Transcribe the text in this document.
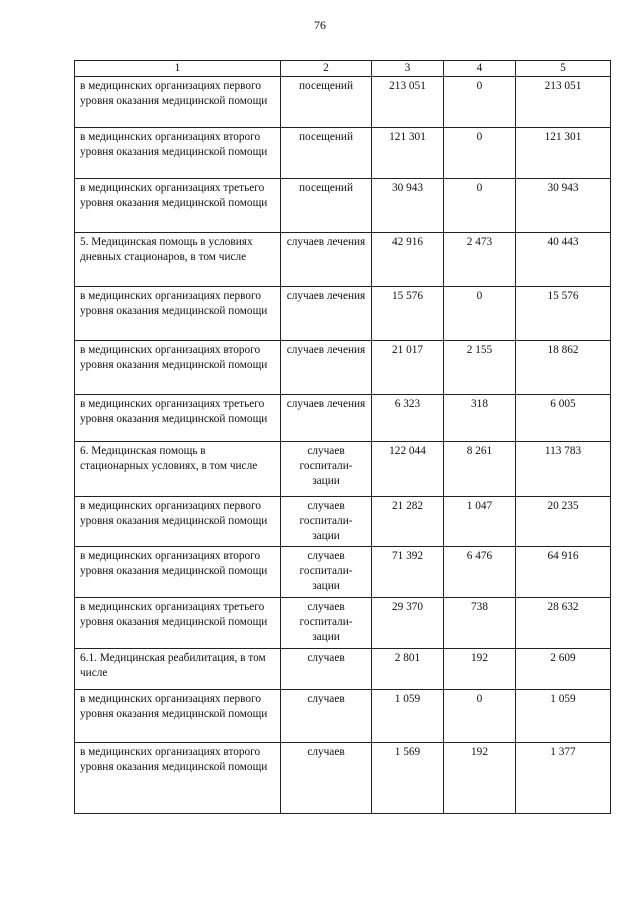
76
1	2	3	4	5
в медицинских организациях первого уровня оказания медицинской помощи	посещений	213 051	0	213 051
в медицинских организациях второго уровня оказания медицинской помощи	посещений	121 301	0	121 301
в медицинских организациях третьего уровня оказания медицинской помощи	посещений	30 943	0	30 943
5. Медицинская помощь в условиях дневных стационаров, в том числе	случаев лечения	42 916	2 473	40 443
в медицинских организациях первого уровня оказания медицинской помощи	случаев лечения	15 576	0	15 576
в медицинских организациях второго уровня оказания медицинской помощи	случаев лечения	21 017	2 155	18 862
в медицинских организациях третьего уровня оказания медицинской помощи	случаев лечения	6 323	318	6 005
6. Медицинская помощь в стационарных условиях, в том числе	случаев госпитали-зации	122 044	8 261	113 783
в медицинских организациях первого уровня оказания медицинской помощи	случаев госпитали-зации	21 282	1 047	20 235
в медицинских организациях второго уровня оказания медицинской помощи	случаев госпитали-зации	71 392	6 476	64 916
в медицинских организациях третьего уровня оказания медицинской помощи	случаев госпитали-зации	29 370	738	28 632
6.1. Медицинская реабилитация, в том числе	случаев	2 801	192	2 609
в медицинских организациях первого уровня оказания медицинской помощи	случаев	1 059	0	1 059
в медицинских организациях второго уровня оказания медицинской помощи	случаев	1 569	192	1 377
